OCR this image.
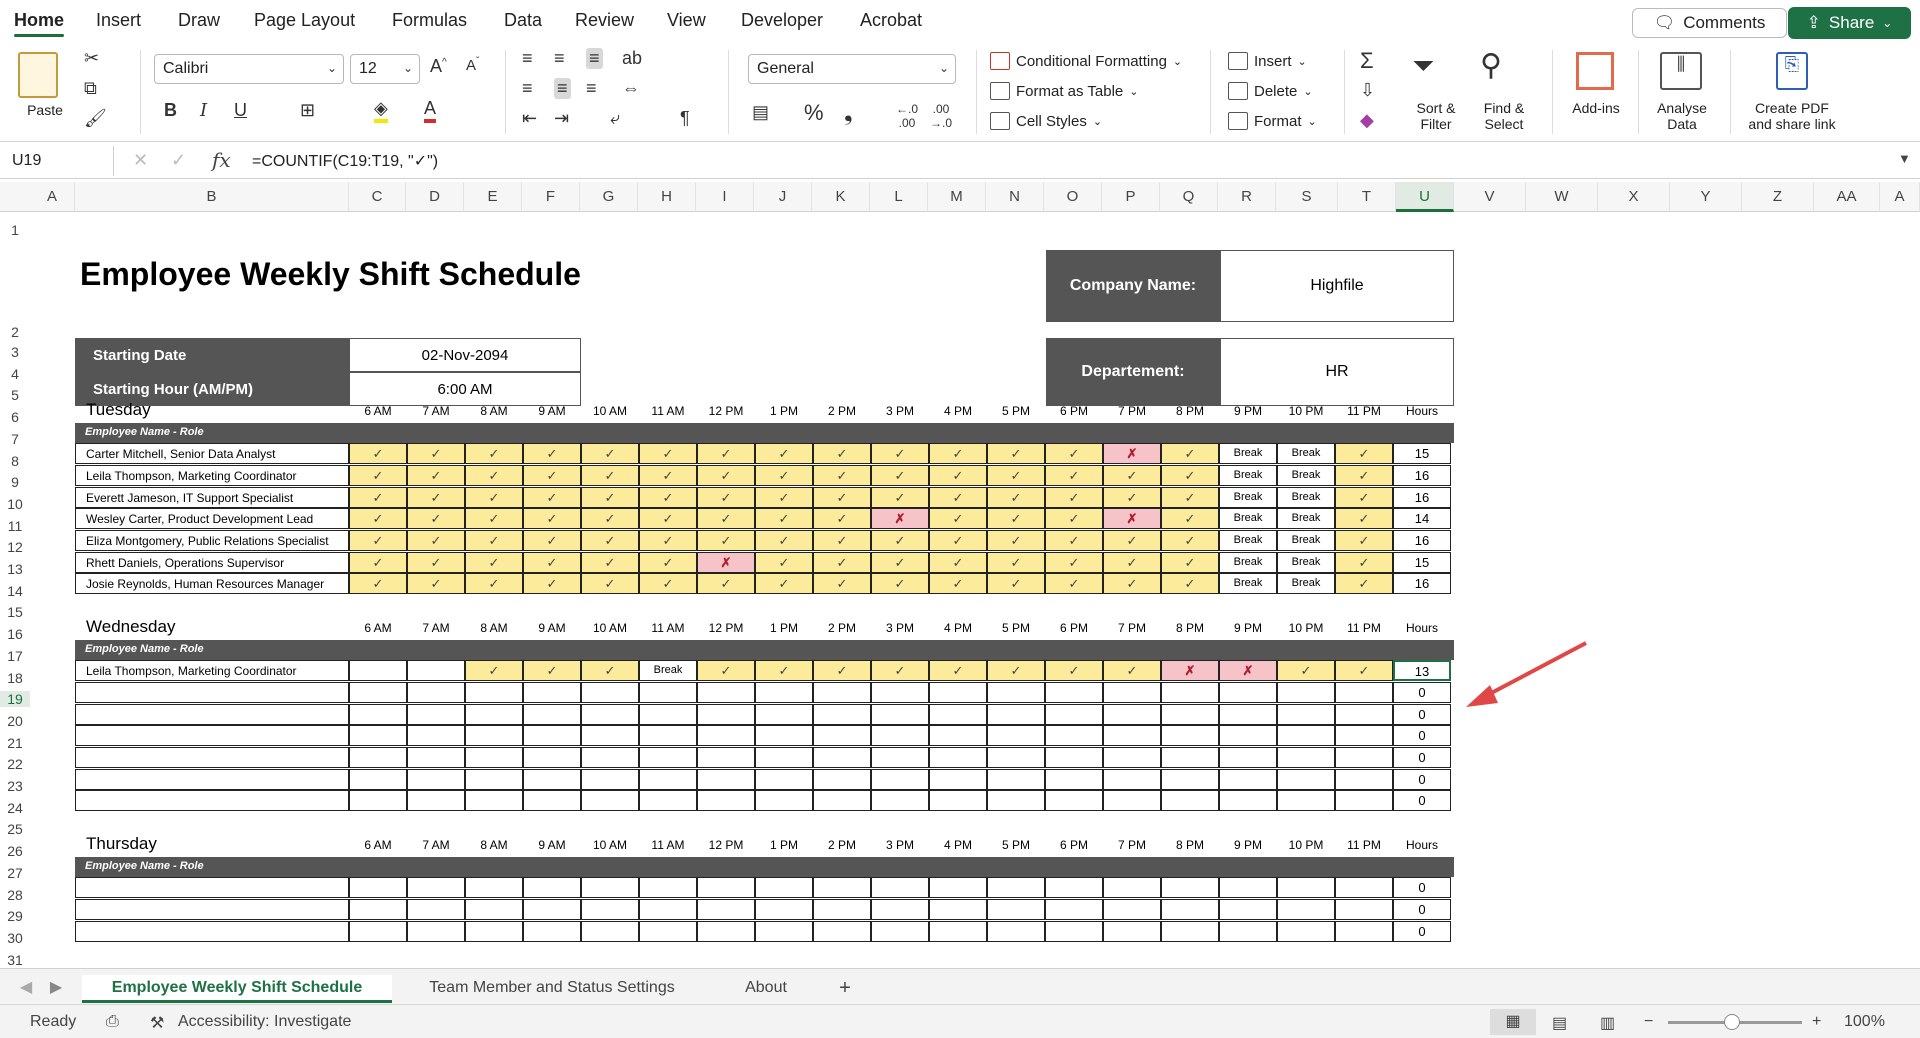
Home Insert Draw Page Layout Formulas Data Review View Developer Acrobat	🗨 Comments ⇪ Share ⌄
Paste
✂
⧉
🖌
Calibri	⌄	12 ⌄ A^ $A^ˇ$
B I U	⊞	◈ A
≡ ≡ ≡ ab
≡ ≡ ≡ ⇔
⇤ ⇥ ⤶	¶
General	⌄
▤ % ❟	←.0
.00
.00
→.0
Conditional Formatting ⌄
Format as Table ⌄
Cell Styles ⌄
Insert ⌄
Delete ⌄
Format ⌄
Σ
⇩
◆
⏷
Sort &
Filter
⚲
Find &
Select
Add-ins
⫼
Analyse
Data
⎘
Create PDF
and share link
U19	✕ ✓ fx =COUNTIF(C19:T19, "✓")	▼
A	B	C	D	E	F	G	H	I	J	K	L	M	N	O	P	Q	R	S	T	U	V	W	X	Y	Z	AA	A
1
2
3
4
5
6
7
8
9
10
11
12
13
14
15
16
17
18
19
20
21
22
23
24
25
26
27
28
29
30
31
Employee Weekly Shift Schedule
Starting Date	02-Nov-2094
Starting Hour (AM/PM)	6:00 AM
Company Name:	Highfile
Departement:	HR
Tuesday	6 AM	7 AM	8 AM	9 AM	10 AM	11 AM	12 PM	1 PM	2 PM	3 PM	4 PM	5 PM	6 PM	7 PM	8 PM	9 PM	10 PM	11 PM	Hours
Employee Name - Role
Carter Mitchell, Senior Data Analyst	✓	✓	✓	✓	✓	✓	✓	✓	✓	✓	✓	✓	✓	✗	✓	Break	Break	✓	15
Leila Thompson, Marketing Coordinator	✓	✓	✓	✓	✓	✓	✓	✓	✓	✓	✓	✓	✓	✓	✓	Break	Break	✓	16
Everett Jameson, IT Support Specialist	✓	✓	✓	✓	✓	✓	✓	✓	✓	✓	✓	✓	✓	✓	✓	Break	Break	✓	16
Wesley Carter, Product Development Lead	✓	✓	✓	✓	✓	✓	✓	✓	✓	✗	✓	✓	✓	✗	✓	Break	Break	✓	14
Eliza Montgomery, Public Relations Specialist	✓	✓	✓	✓	✓	✓	✓	✓	✓	✓	✓	✓	✓	✓	✓	Break	Break	✓	16
Rhett Daniels, Operations Supervisor	✓	✓	✓	✓	✓	✓	✗	✓	✓	✓	✓	✓	✓	✓	✓	Break	Break	✓	15
Josie Reynolds, Human Resources Manager	✓	✓	✓	✓	✓	✓	✓	✓	✓	✓	✓	✓	✓	✓	✓	Break	Break	✓	16
Wednesday	6 AM	7 AM	8 AM	9 AM	10 AM	11 AM	12 PM	1 PM	2 PM	3 PM	4 PM	5 PM	6 PM	7 PM	8 PM	9 PM	10 PM	11 PM	Hours
Employee Name - Role
Leila Thompson, Marketing Coordinator	✓	✓	✓	Break	✓	✓	✓	✓	✓	✓	✓	✓	✗	✗	✓	✓	13
0
0
0
0
0
0
Thursday	6 AM	7 AM	8 AM	9 AM	10 AM	11 AM	12 PM	1 PM	2 PM	3 PM	4 PM	5 PM	6 PM	7 PM	8 PM	9 PM	10 PM	11 PM	Hours
Employee Name - Role
0
0
0
◀ ▶	Employee Weekly Shift Schedule	Team Member and Status Settings	About	+
Ready ⎙ ⚒ Accessibility: Investigate	▦	▤ ▥ −	+ 100%
